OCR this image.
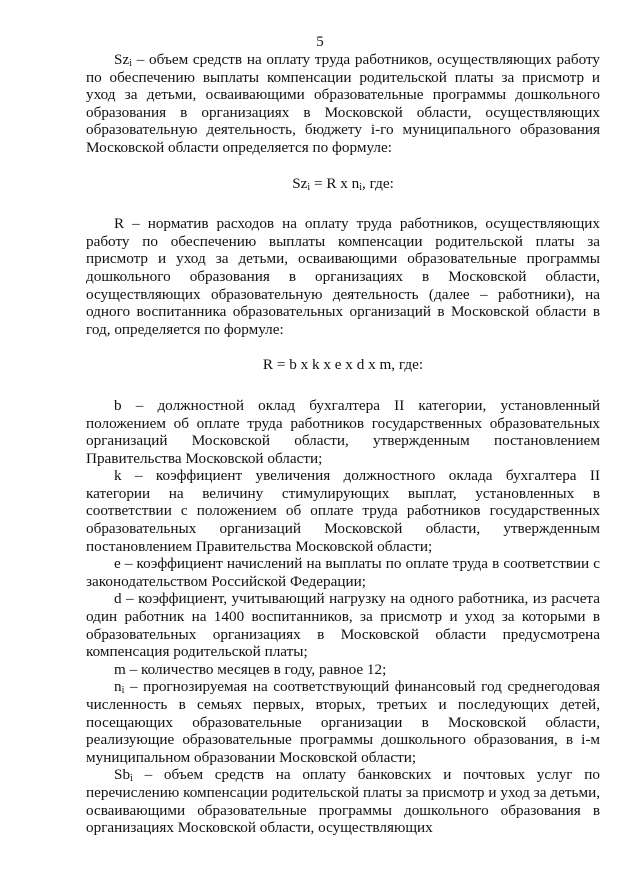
5

$Sz_i$ – объем средств на оплату труда работников, осуществляющих работу по обеспечению выплаты компенсации родительской платы за присмотр и уход за детьми, осваивающими образовательные программы дошкольного образования в организациях в Московской области, осуществляющих образовательную деятельность, бюджету i-го муниципального образования Московской области определяется по формуле:

$Sz_i = R$ x $n_i$, где:

R – норматив расходов на оплату труда работников, осуществляющих работу по обеспечению выплаты компенсации родительской платы за присмотр и уход за детьми, осваивающими образовательные программы дошкольного образования в организациях в Московской области, осуществляющих образовательную деятельность (далее – работники), на одного воспитанника образовательных организаций в Московской области в год, определяется по формуле:

R = b x k x e x d x m, где:

b – должностной оклад бухгалтера II категории, установленный положением об оплате труда работников государственных образовательных организаций Московской области, утвержденным постановлением Правительства Московской области;

k – коэффициент увеличения должностного оклада бухгалтера II категории на величину стимулирующих выплат, установленных в соответствии с положением об оплате труда работников государственных образовательных организаций Московской области, утвержденным постановлением Правительства Московской области;

e – коэффициент начислений на выплаты по оплате труда в соответствии с законодательством Российской Федерации;

d – коэффициент, учитывающий нагрузку на одного работника, из расчета один работник на 1400 воспитанников, за присмотр и уход за которыми в образовательных организациях в Московской области предусмотрена компенсация родительской платы;

m – количество месяцев в году, равное 12;

$n_i$ – прогнозируемая на соответствующий финансовый год среднегодовая численность в семьях первых, вторых, третьих и последующих детей, посещающих образовательные организации в Московской области, реализующие образовательные программы дошкольного образования, в i-м муниципальном образовании Московской области;

$Sb_i$ – объем средств на оплату банковских и почтовых услуг по перечислению компенсации родительской платы за присмотр и уход за детьми, осваивающими образовательные программы дошкольного образования в организациях Московской области, осуществляющих
